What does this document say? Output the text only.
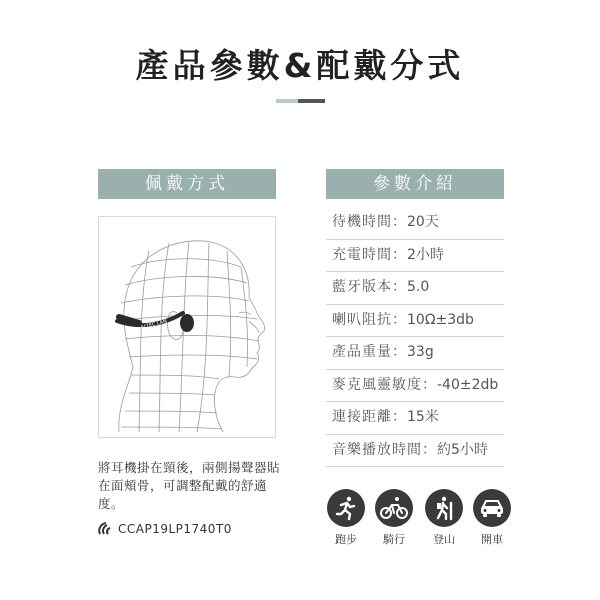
產品參數&配戴分式
佩戴方式	參數介紹
ALTEC LAN
將耳機掛在頸後，兩側揚聲器貼在面頰骨，可調整配戴的舒適度。
CCAP19LP1740T0
待機時間：20天
充電時間：2小時
藍牙版本：5.0
喇叭阻抗：10Ω±3db
產品重量：33g
麥克風靈敏度：-40±2db
連接距離：15米
音樂播放時間：約5小時
跑步	騎行	登山	開車
